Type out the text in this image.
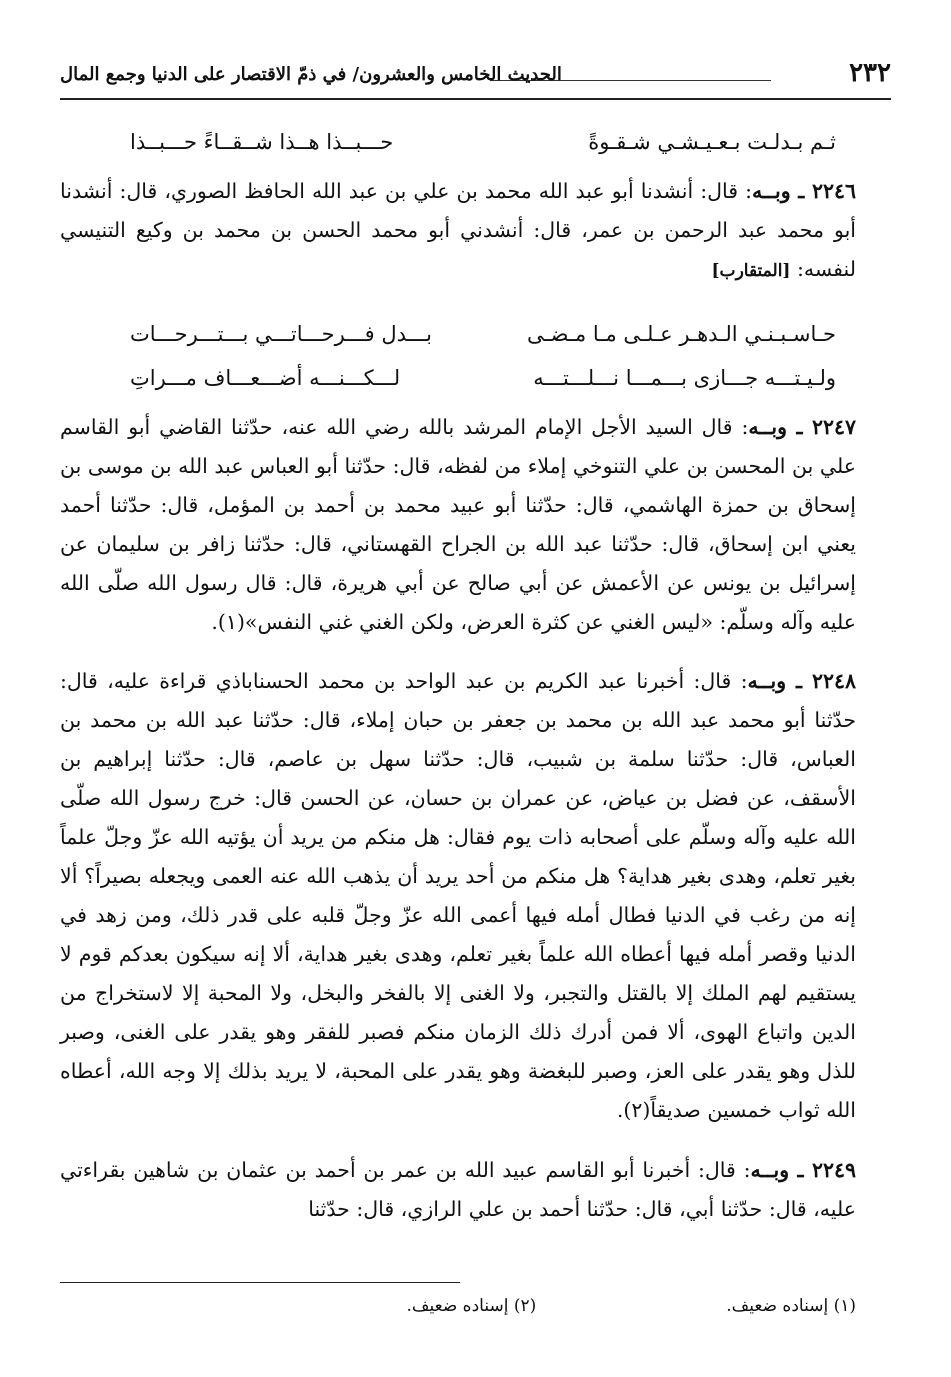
٢٣٢
الحديث الخامس والعشرون/ في ذمّ الاقتصار على الدنيا وجمع المال
ثـم بـدلـت بـعـيـشـي شـقـوةً
حـــبــذا هــذا شــقــاءً حـــبــذا

٢٢٤٦ ـ وبــه: قال: أنشدنا أبو عبد الله محمد بن علي بن عبد الله الحافظ الصوري، قال: أنشدنا أبو محمد عبد الرحمن بن عمر، قال: أنشدني أبو محمد الحسن بن محمد بن وكيع التنيسي لنفسه: [المتقارب]

حـاسـبـنـي الـدهـر عـلـى مـا مـضـى
بـــدل فـــرحـــاتـــي بـــتـــرحـــات
ولـيـتـــه جـــازى بـــمـــا نـــلـــتـــه
لـــكـــنـــه أضـــعـــاف مـــراتِ

٢٢٤٧ ـ وبــه: قال السيد الأجل الإمام المرشد بالله رضي الله عنه، حدّثنا القاضي أبو القاسم علي بن المحسن بن علي التنوخي إملاء من لفظه، قال: حدّثنا أبو العباس عبد الله بن موسى بن إسحاق بن حمزة الهاشمي، قال: حدّثنا أبو عبيد محمد بن أحمد بن المؤمل، قال: حدّثنا أحمد يعني ابن إسحاق، قال: حدّثنا عبد الله بن الجراح القهستاني، قال: حدّثنا زافر بن سليمان عن إسرائيل بن يونس عن الأعمش عن أبي صالح عن أبي هريرة، قال: قال رسول الله صلّى الله عليه وآله وسلّم: «ليس الغني عن كثرة العرض، ولكن الغني غني النفس»(١).

٢٢٤٨ ـ وبــه: قال: أخبرنا عبد الكريم بن عبد الواحد بن محمد الحسناباذي قراءة عليه، قال: حدّثنا أبو محمد عبد الله بن محمد بن جعفر بن حبان إملاء، قال: حدّثنا عبد الله بن محمد بن العباس، قال: حدّثنا سلمة بن شبيب، قال: حدّثنا سهل بن عاصم، قال: حدّثنا إبراهيم بن الأسقف، عن فضل بن عياض، عن عمران بن حسان، عن الحسن قال: خرج رسول الله صلّى الله عليه وآله وسلّم على أصحابه ذات يوم فقال: هل منكم من يريد أن يؤتيه الله عزّ وجلّ علماً بغير تعلم، وهدى بغير هداية؟ هل منكم من أحد يريد أن يذهب الله عنه العمى ويجعله بصيراً؟ ألا إنه من رغب في الدنيا فطال أمله فيها أعمى الله عزّ وجلّ قلبه على قدر ذلك، ومن زهد في الدنيا وقصر أمله فيها أعطاه الله علماً بغير تعلم، وهدى بغير هداية، ألا إنه سيكون بعدكم قوم لا يستقيم لهم الملك إلا بالقتل والتجبر، ولا الغنى إلا بالفخر والبخل، ولا المحبة إلا لاستخراج من الدين واتباع الهوى، ألا فمن أدرك ذلك الزمان منكم فصبر للفقر وهو يقدر على الغنى، وصبر للذل وهو يقدر على العز، وصبر للبغضة وهو يقدر على المحبة، لا يريد بذلك إلا وجه الله، أعطاه الله ثواب خمسين صديقاً(٢).

٢٢٤٩ ـ وبــه: قال: أخبرنا أبو القاسم عبيد الله بن عمر بن أحمد بن عثمان بن شاهين بقراءتي عليه، قال: حدّثنا أبي، قال: حدّثنا أحمد بن علي الرازي، قال: حدّثنا

(١) إسناده ضعيف.
(٢) إسناده ضعيف.
